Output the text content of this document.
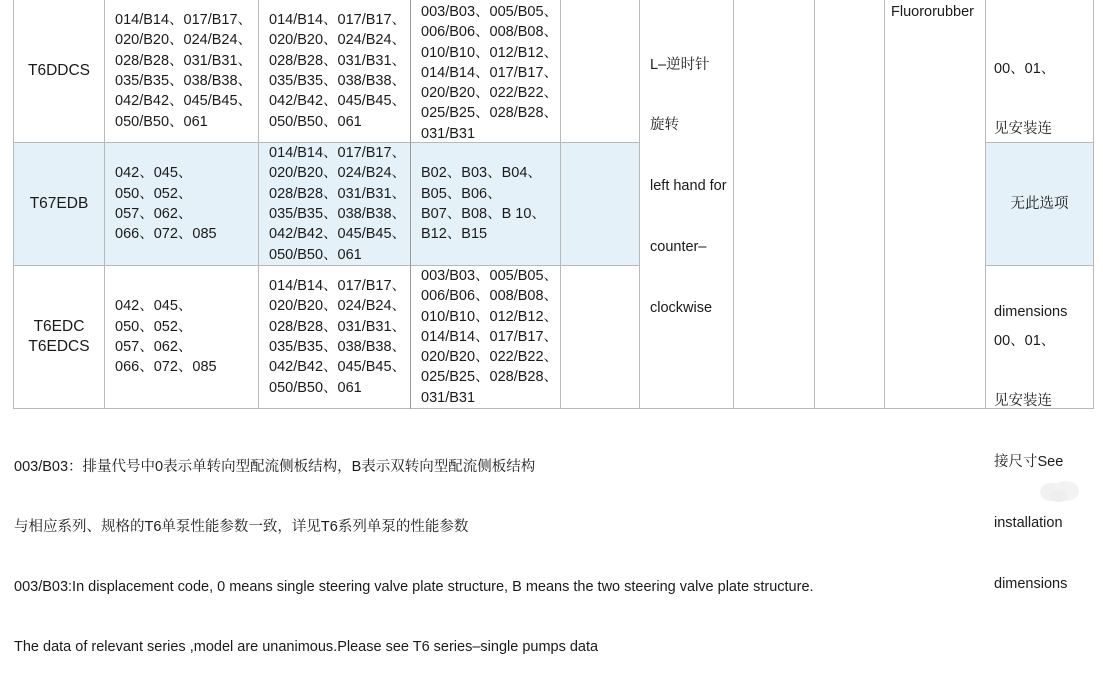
T6DDCS
014/B14、017/B17、
020/B20、024/B24、
028/B28、031/B31、
035/B35、038/B38、
042/B42、045/B45、
050/B50、061
014/B14、017/B17、
020/B20、024/B24、
028/B28、031/B31、
035/B35、038/B38、
042/B42、045/B45、
050/B50、061
003/B03、005/B05、
006/B06、008/B08、
010/B10、012/B12、
014/B14、017/B17、
020/B20、022/B22、
025/B25、028/B28、
031/B31
T67EDB
042、045、
050、052、
057、062、
066、072、085
014/B14、017/B17、
020/B20、024/B24、
028/B28、031/B31、
035/B35、038/B38、
042/B42、045/B45、
050/B50、061
B02、B03、B04、
B05、B06、
B07、B08、B 10、
B12、B15
T6EDC
T6EDCS
042、045、
050、052、
057、062、
066、072、085
014/B14、017/B17、
020/B20、024/B24、
028/B28、031/B31、
035/B35、038/B38、
042/B42、045/B45、
050/B50、061
003/B03、005/B05、
006/B06、008/B08、
010/B10、012/B12、
014/B14、017/B17、
020/B20、022/B22、
025/B25、028/B28、
031/B31

L–逆时针

旋转

left hand for

counter–

clockwise

Fluororubber

00、01、

见安装连

dimensions

无此选项

00、01、

见安装连

接尺寸See

installation

dimensions

003/B03：排量代号中0表示单转向型配流侧板结构，B表示双转向型配流侧板结构

与相应系列、规格的T6单泵性能参数一致，详见T6系列单泵的性能参数

003/B03:In displacement code, 0 means single steering valve plate structure, B means the two steering valve plate structure.

The data of relevant series ,model are unanimous.Please see T6 series–single pumps data
